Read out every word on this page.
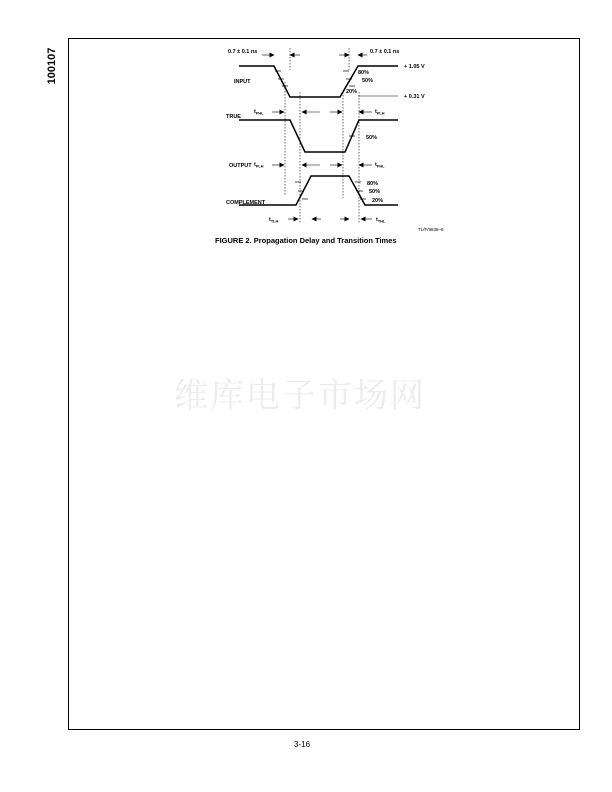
100107	0.7 ± 0.1 ns	0.7 ± 0.1 ns
+ 1.05 V
+ 0.31 V
INPUT
80%
50%
20%
TRUE
$t_{PHL}$	$t_{PLH}$
50%
OUTPUT $t_{PLH}$	$t_{PHL}$
COMPLEMENT
80%
50%
20%
$t_{TLH}$	$t_{THL}$
TL/F/9838–6
FIGURE 2. Propagation Delay and Transition Times
维库电子市场网
3-16
